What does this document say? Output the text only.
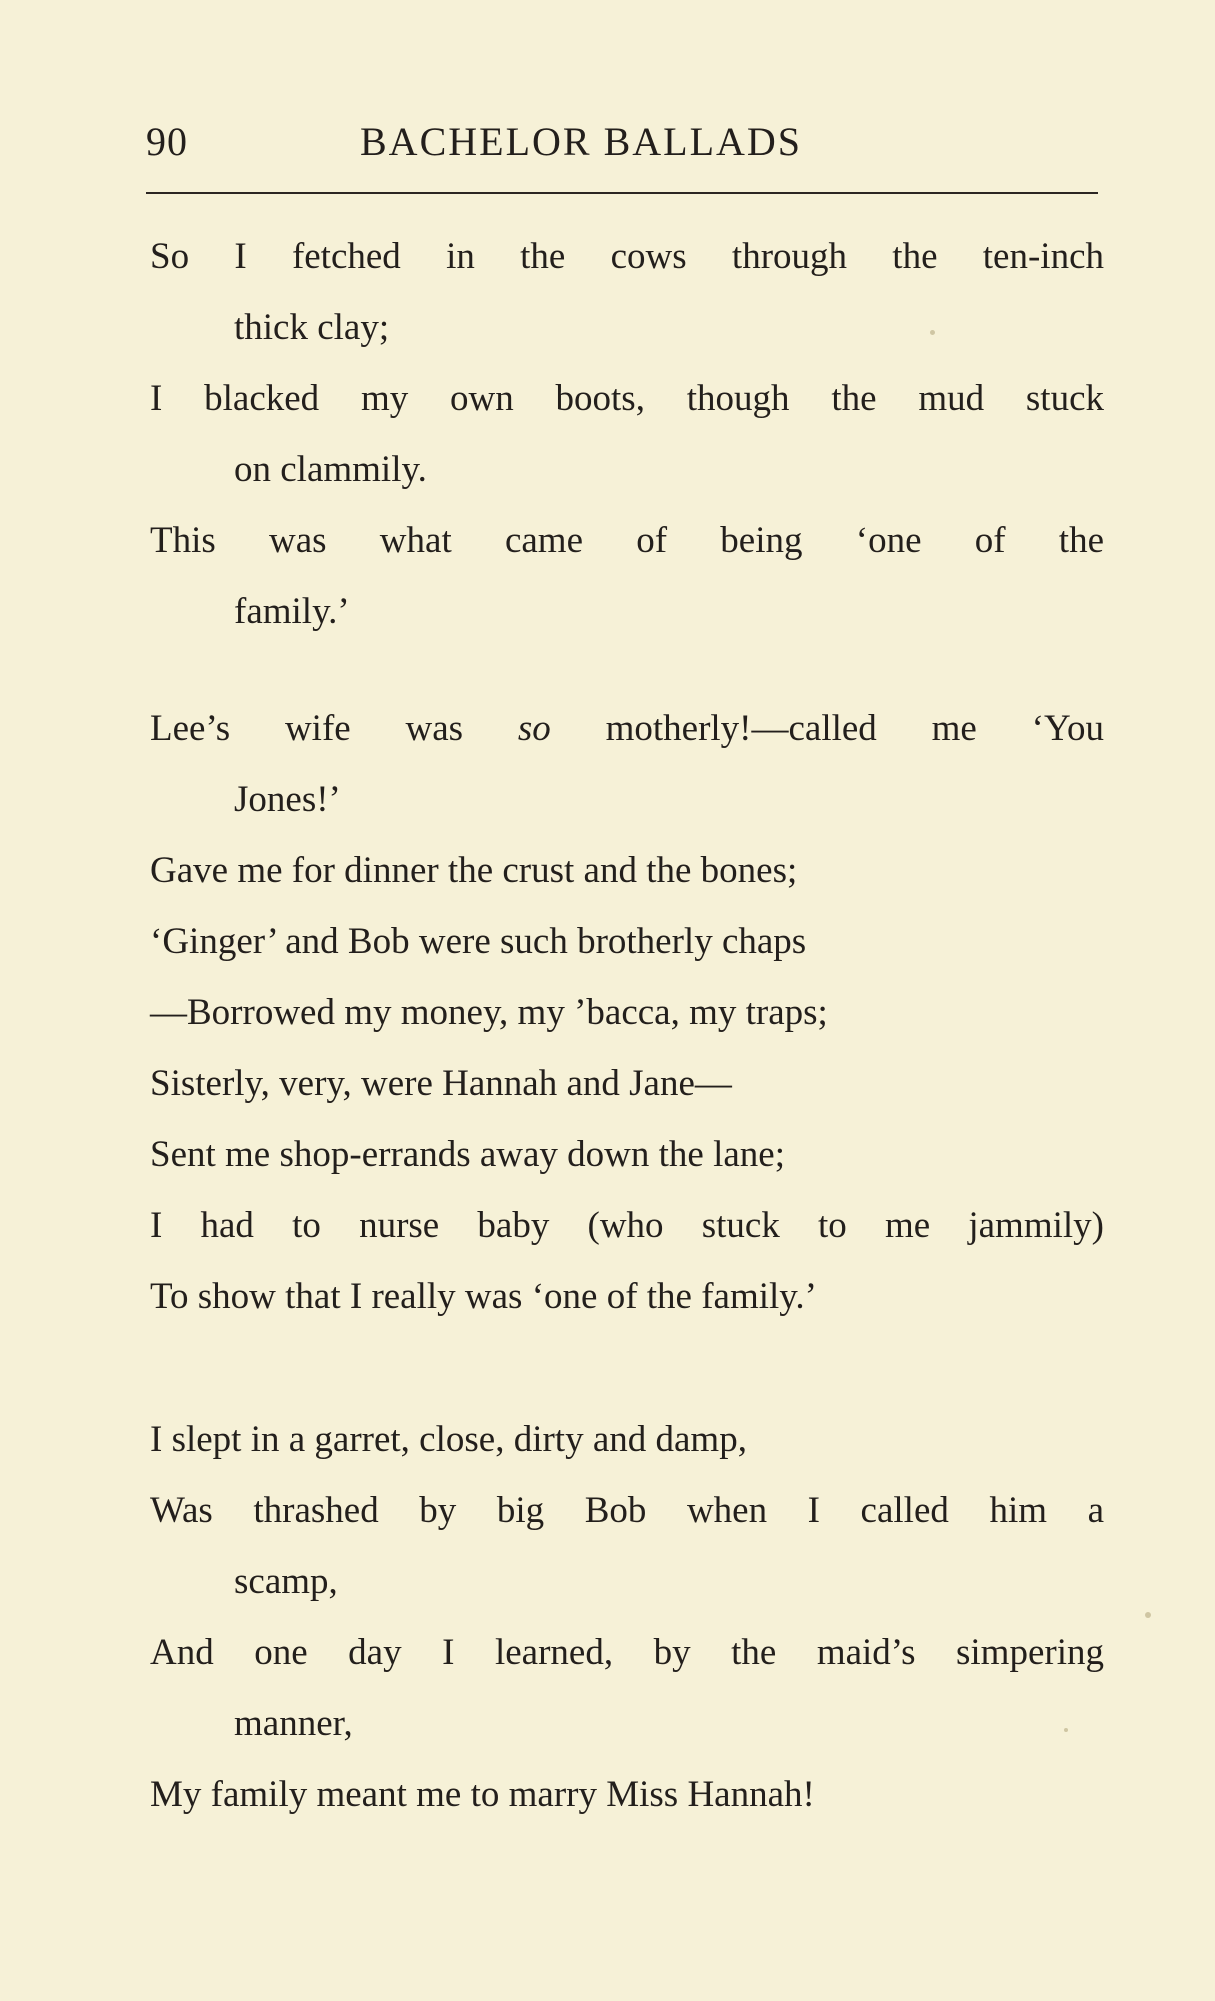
90	BACHELOR BALLADS
So I fetched in the cows through the ten-inch
thick clay;
I blacked my own boots, though the mud stuck
on clammily.
This was what came of being ‘one of the
family.’
Lee’s wife was so motherly!—called me ‘You
Jones!’
Gave me for dinner the crust and the bones;
‘Ginger’ and Bob were such brotherly chaps
—Borrowed my money, my ’bacca, my traps;
Sisterly, very, were Hannah and Jane—
Sent me shop-errands away down the lane;
I had to nurse baby (who stuck to me jammily)
To show that I really was ‘one of the family.’
I slept in a garret, close, dirty and damp,
Was thrashed by big Bob when I called him a
scamp,
And one day I learned, by the maid’s simpering
manner,
My family meant me to marry Miss Hannah!
